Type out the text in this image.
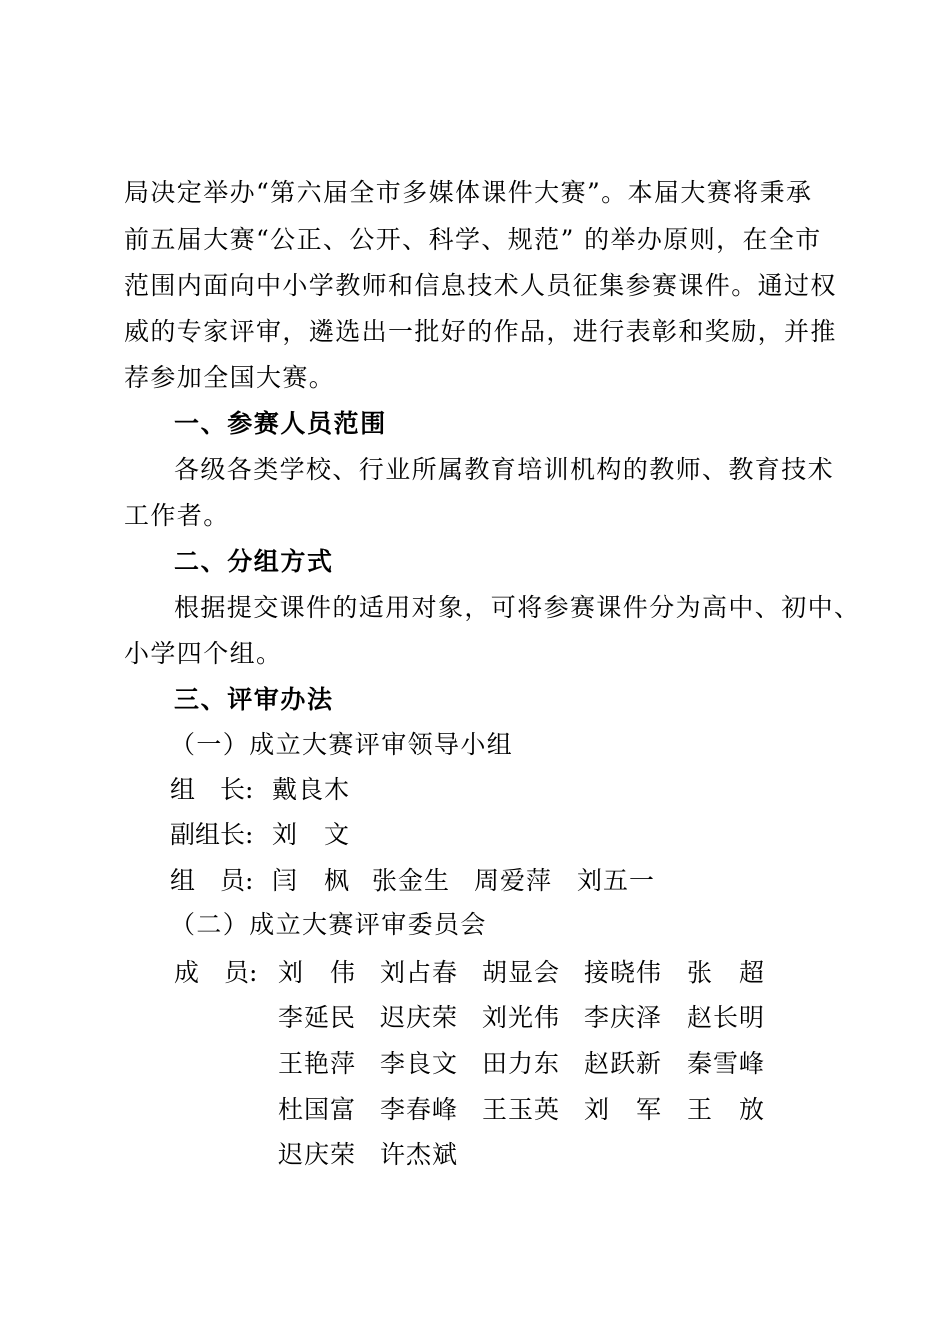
局决定举办“第六届全市多媒体课件大赛”。本届大赛将秉承
前五届大赛“公正、公开、科学、规范” 的举办原则，在全市
范围内面向中小学教师和信息技术人员征集参赛课件。通过权
威的专家评审，遴选出一批好的作品，进行表彰和奖励，并推
荐参加全国大赛。
一、参赛人员范围
各级各类学校、行业所属教育培训机构的教师、教育技术
工作者。
二、分组方式
根据提交课件的适用对象，可将参赛课件分为高中、初中、
小学四个组。
三、评审办法
（一）成立大赛评审领导小组
组　长: 戴良木
副组长: 刘　文
组　员: 闫　枫 张金生 周爱萍 刘五一
（二）成立大赛评审委员会
成　员: 刘　伟 刘占春 胡显会 接晓伟 张　超
李延民 迟庆荣 刘光伟 李庆泽 赵长明
王艳萍 李良文 田力东 赵跃新 秦雪峰
杜国富 李春峰 王玉英 刘　军 王　放
迟庆荣 许杰斌
